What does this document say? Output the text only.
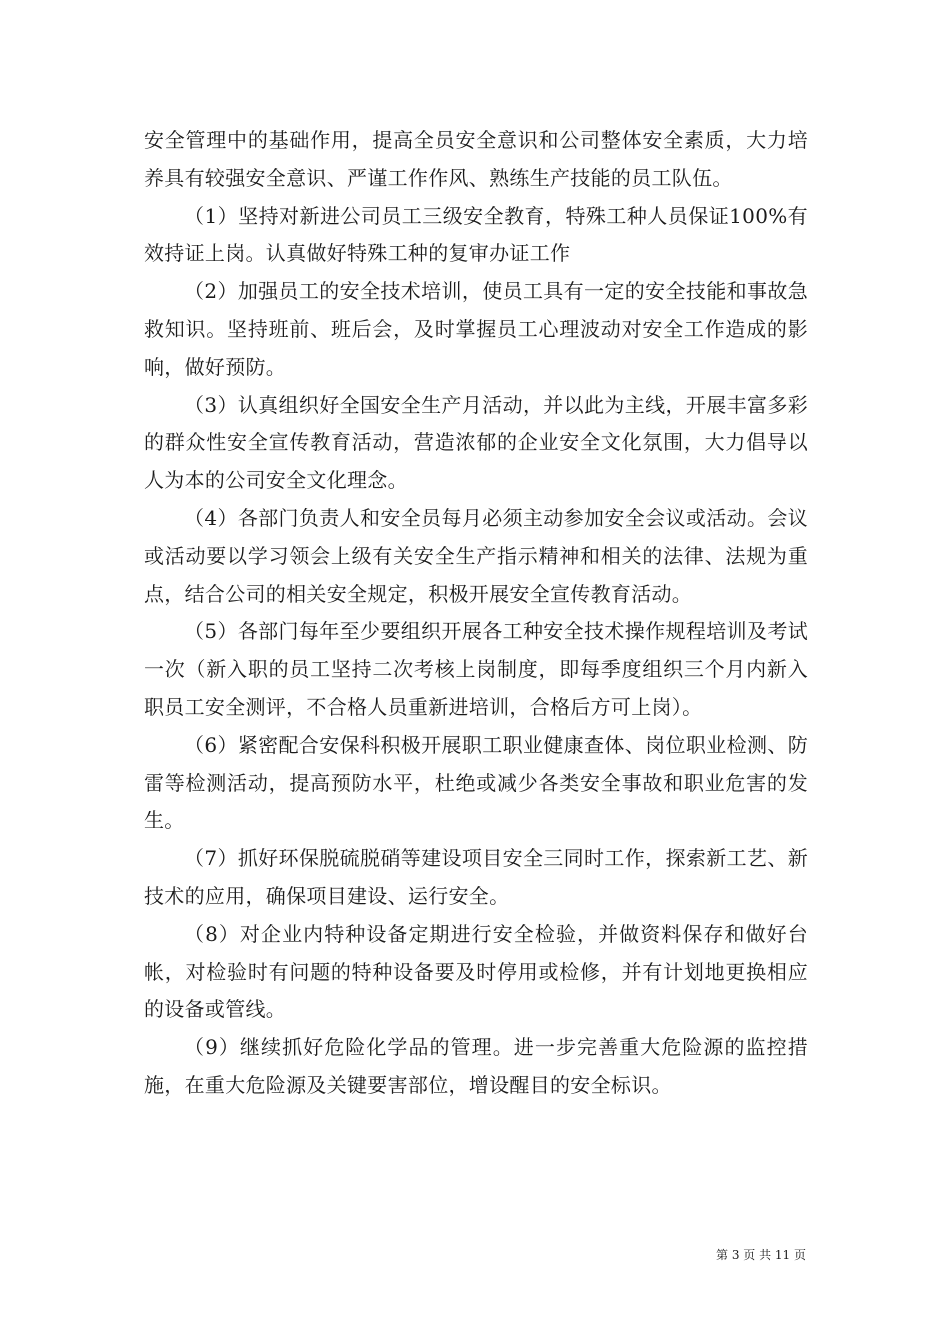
安全管理中的基础作用，提高全员安全意识和公司整体安全素质，大力培养具有较强安全意识、严谨工作作风、熟练生产技能的员工队伍。

（1）坚持对新进公司员工三级安全教育，特殊工种人员保证100%有效持证上岗。认真做好特殊工种的复审办证工作

（2）加强员工的安全技术培训，使员工具有一定的安全技能和事故急救知识。坚持班前、班后会，及时掌握员工心理波动对安全工作造成的影响，做好预防。

（3）认真组织好全国安全生产月活动，并以此为主线，开展丰富多彩的群众性安全宣传教育活动，营造浓郁的企业安全文化氛围，大力倡导以人为本的公司安全文化理念。

（4）各部门负责人和安全员每月必须主动参加安全会议或活动。会议或活动要以学习领会上级有关安全生产指示精神和相关的法律、法规为重点，结合公司的相关安全规定，积极开展安全宣传教育活动。

（5）各部门每年至少要组织开展各工种安全技术操作规程培训及考试一次（新入职的员工坚持二次考核上岗制度，即每季度组织三个月内新入职员工安全测评，不合格人员重新进培训，合格后方可上岗）。

（6）紧密配合安保科积极开展职工职业健康查体、岗位职业检测、防雷等检测活动，提高预防水平，杜绝或减少各类安全事故和职业危害的发生。

（7）抓好环保脱硫脱硝等建设项目安全三同时工作，探索新工艺、新技术的应用，确保项目建设、运行安全。

（8）对企业内特种设备定期进行安全检验，并做资料保存和做好台帐，对检验时有问题的特种设备要及时停用或检修，并有计划地更换相应的设备或管线。

（9）继续抓好危险化学品的管理。进一步完善重大危险源的监控措施，在重大危险源及关键要害部位，增设醒目的安全标识。

第 3 页 共 11 页
